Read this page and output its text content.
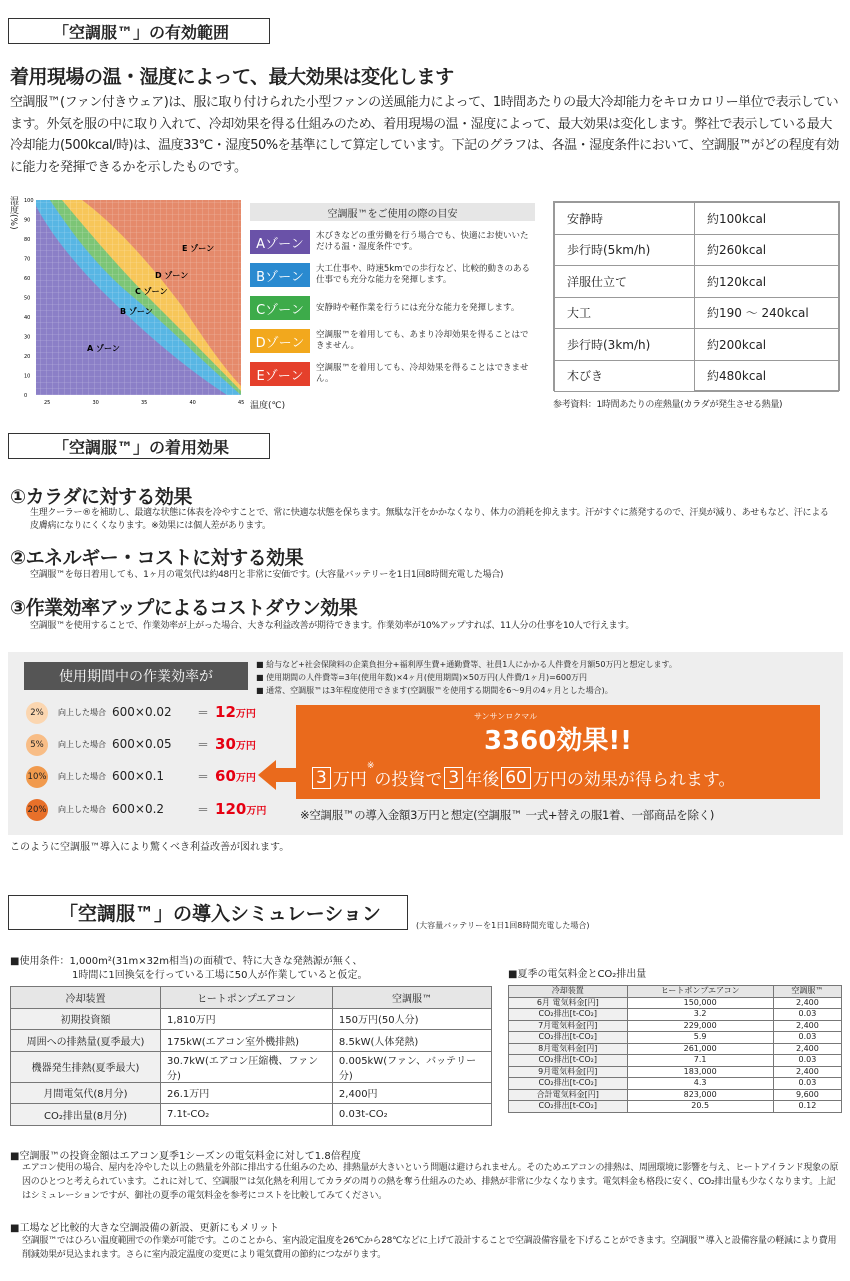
「空調服™」の有効範囲
着用現場の温・湿度によって、最大効果は変化します
空調服™(ファン付きウェア)は、服に取り付けられた小型ファンの送風能力によって、1時間あたりの最大冷却能力をキロカロリー単位で表示しています。外気を服の中に取り入れて、冷却効果を得る仕組みのため、着用現場の温・湿度によって、最大効果は変化します。弊社で表示している最大冷却能力(500kcal/時)は、温度33℃・湿度50%を基準にして算定しています。下記のグラフは、各温・湿度条件において、空調服™がどの程度有効に能力を発揮できるかを示したものです。
湿度(%) 100
90
80
70
60
50
40
30
20
10
0
25	30	35	40	45
E ゾーン
D ゾーン
C ゾーン
B ゾーン
A ゾーン
温度(℃)
空調服™をご使用の際の目安
Aゾーン
木びきなどの重労働を行う場合でも、快適にお使いいただける温・湿度条件です。
Bゾーン
大工仕事や、時速5kmでの歩行など、比較的動きのある仕事でも充分な能力を発揮します。
Cゾーン	安静時や軽作業を行うには充分な能力を発揮します。
Dゾーン
空調服™を着用しても、あまり冷却効果を得ることはできません。
Eゾーン
空調服™を着用しても、冷却効果を得ることはできません。
安静時	約100kcal
歩行時(5km/h)	約260kcal
洋服仕立て	約120kcal
大工	約190 ～ 240kcal
歩行時(3km/h)	約200kcal
木びき	約480kcal
参考資料：1時間あたりの産熱量(カラダが発生させる熱量)
「空調服™」の着用効果
①カラダに対する効果
生理クーラー®を補助し、最適な状態に体表を冷やすことで、常に快適な状態を保ちます。無駄な汗をかかなくなり、体力の消耗を抑えます。汗がすぐに蒸発するので、汗臭が減り、あせもなど、汗による皮膚病になりにくくなります。※効果には個人差があります。
②エネルギー・コストに対する効果
空調服™を毎日着用しても、1ヶ月の電気代は約48円と非常に安価です。(大容量バッテリーを1日1回8時間充電した場合)
③作業効率アップによるコストダウン効果
空調服™を使用することで、作業効率が上がった場合、大きな利益改善が期待できます。作業効率が10%アップすれば、11人分の仕事を10人で行えます。
使用期間中の作業効率が
■ 給与など+社会保険料の企業負担分+福利厚生費+通勤費等、社員1人にかかる人件費を月額50万円と想定します。
■ 使用期間の人件費等=3年(使用年数)×4ヶ月(使用期間)×50万円(人件費/1ヶ月)=600万円
■ 通常、空調服™は3年程度使用できます(空調服™を使用する期間を6～9月の4ヶ月とした場合)。
2%
5%
10%
20%
向上した場合 600×0.02	＝ 12万円
向上した場合 600×0.05	＝ 30万円
向上した場合 600×0.1	＝ 60万円
向上した場合 600×0.2	＝ 120万円
サンサンロクマル
3360効果!!
3 万円
※
の投資で 3 年後 60 万円の効果が得られます。
※空調服™の導入金額3万円と想定(空調服™ 一式+替えの服1着、一部商品を除く)
このように空調服™導入により驚くべき利益改善が図れます。
「空調服™」の導入シミュレーション
(大容量バッテリーを1日1回8時間充電した場合)
■使用条件：1,000m²(31m×32m相当)の面積で、特に大きな発熱源が無く、
1時間に1回換気を行っている工場に50人が作業していると仮定。
冷却装置	ヒートポンプエアコン	空調服™
初期投資額	1,810万円	150万円(50人分)
周囲への排熱量(夏季最大)	175kW(エアコン室外機排熱)	8.5kW(人体発熱)
機器発生排熱(夏季最大)	30.7kW(エアコン圧縮機、ファン分)	0.005kW(ファン、バッテリー分)
月間電気代(8月分)	26.1万円	2,400円
CO₂排出量(8月分)	7.1t-CO₂	0.03t-CO₂
■夏季の電気料金とCO₂排出量
冷却装置	ヒートポンプエアコン	空調服™
6月 電気料金[円]	150,000	2,400
CO₂排出[t-CO₂]	3.2	0.03
7月電気料金[円]	229,000	2,400
CO₂排出[t-CO₂]	5.9	0.03
8月電気料金[円]	261,000	2,400
CO₂排出[t-CO₂]	7.1	0.03
9月電気料金[円]	183,000	2,400
CO₂排出[t-CO₂]	4.3	0.03
合計電気料金[円]	823,000	9,600
CO₂排出[t-CO₂]	20.5	0.12
■空調服™の投資金額はエアコン夏季1シーズンの電気料金に対して1.8倍程度
エアコン使用の場合、屋内を冷やした以上の熱量を外部に排出する仕組みのため、排熱量が大きいという問題は避けられません。そのためエアコンの排熱は、周囲環境に影響を与え、ヒートアイランド現象の原因のひとつと考えられています。これに対して、空調服™は気化熱を利用してカラダの周りの熱を奪う仕組みのため、排熱が非常に少なくなります。電気料金も格段に安く、CO₂排出量も少なくなります。上記はシミュレーションですが、御社の夏季の電気料金を参考にコストを比較してみてください。
■工場など比較的大きな空調設備の新設、更新にもメリット
空調服™ではひろい温度範囲での作業が可能です。このことから、室内設定温度を26℃から28℃などに上げて設計することで空調設備容量を下げることができます。空調服™導入と設備容量の軽減により費用削減効果が見込まれます。さらに室内設定温度の変更により電気費用の節約につながります。
